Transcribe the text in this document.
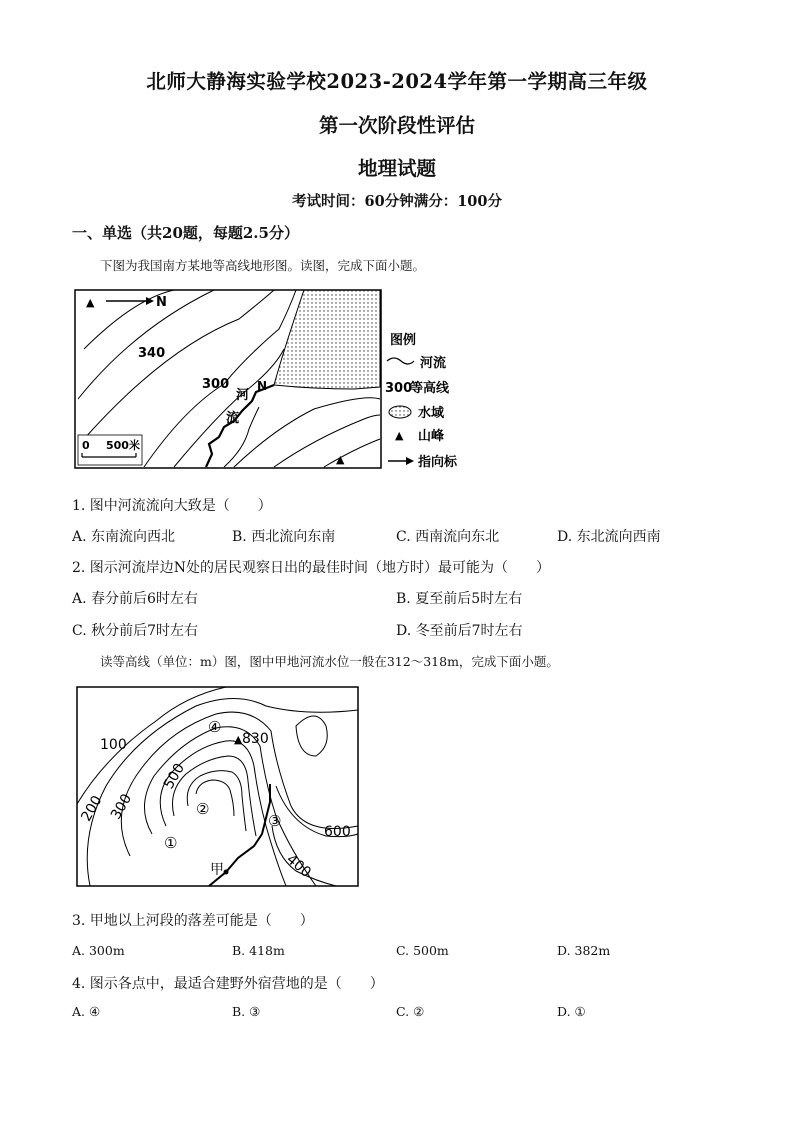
北师大静海实验学校2023-2024学年第一学期高三年级
第一次阶段性评估
地理试题
考试时间：60分钟满分：100分
一、单选（共20题，每题2.5分）
下图为我国南方某地等高线地形图。读图，完成下面小题。
▲	N
340
300
河
流
N
▲
0 500米
图例
河流
300
等高线
水域
▲ 山峰
指向标
1. 图中河流流向大致是（　　）
A. 东南流向西北	B. 西北流向东南	C. 西南流向东北	D. 东北流向西南
2. 图示河流岸边N处的居民观察日出的最佳时间（地方时）最可能为（　　）
A. 春分前后6时左右	B. 夏至前后5时左右
C. 秋分前后7时左右	D. 冬至前后7时左右
读等高线（单位：m）图，图中甲地河流水位一般在312～318m，完成下面小题。
100
200 300
500
600
400
▲ 830
④
②
①
③
甲
3. 甲地以上河段的落差可能是（　　）
A. 300m	B. 418m	C. 500m	D. 382m
4. 图示各点中，最适合建野外宿营地的是（　　）
A. ④	B. ③	C. ②	D. ①
